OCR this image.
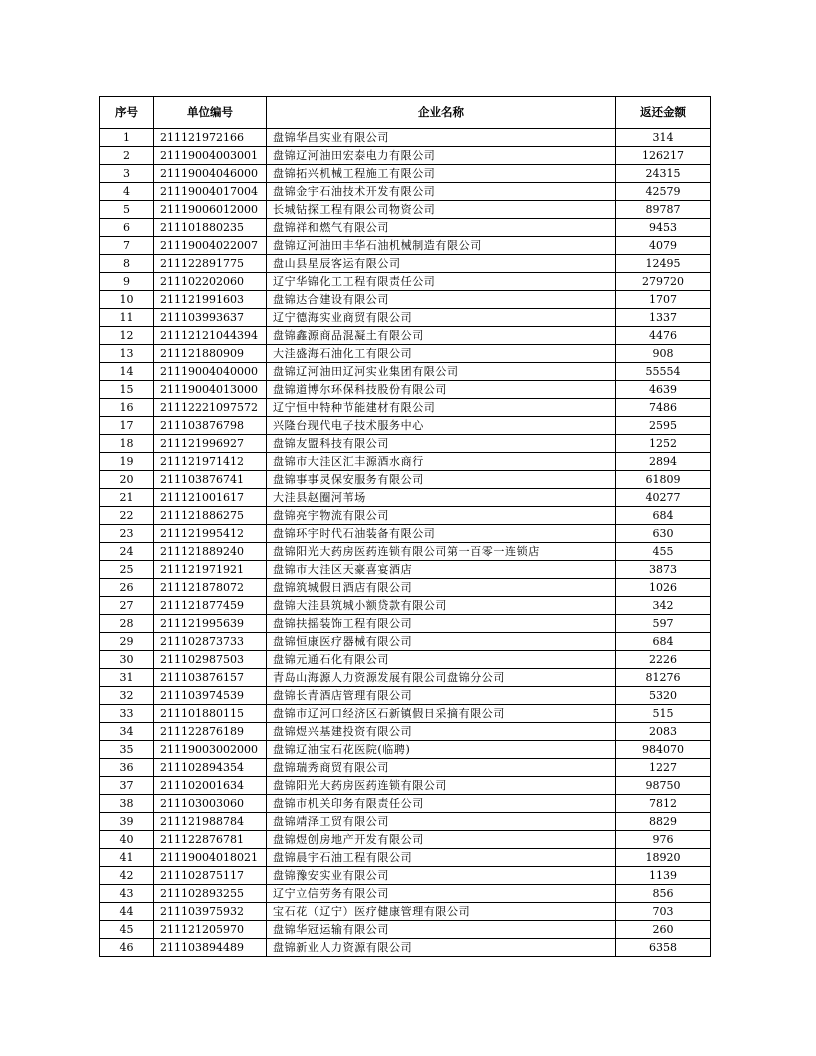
序号	单位编号	企业名称	返还金额
1	211121972166	盘锦华昌实业有限公司	314
2	21119004003001	盘锦辽河油田宏泰电力有限公司	126217
3	21119004046000	盘锦拓兴机械工程施工有限公司	24315
4	21119004017004	盘锦金宇石油技术开发有限公司	42579
5	21119006012000	长城钻探工程有限公司物资公司	89787
6	211101880235	盘锦祥和燃气有限公司	9453
7	21119004022007	盘锦辽河油田丰华石油机械制造有限公司	4079
8	211122891775	盘山县星辰客运有限公司	12495
9	211102202060	辽宁华锦化工工程有限责任公司	279720
10	211121991603	盘锦达合建设有限公司	1707
11	211103993637	辽宁德海实业商贸有限公司	1337
12	21112121044394	盘锦鑫源商品混凝土有限公司	4476
13	211121880909	大洼盛海石油化工有限公司	908
14	21119004040000	盘锦辽河油田辽河实业集团有限公司	55554
15	21119004013000	盘锦道博尔环保科技股份有限公司	4639
16	21112221097572	辽宁恒中特种节能建材有限公司	7486
17	211103876798	兴隆台现代电子技术服务中心	2595
18	211121996927	盘锦友盟科技有限公司	1252
19	211121971412	盘锦市大洼区汇丰源酒水商行	2894
20	211103876741	盘锦事事灵保安服务有限公司	61809
21	211121001617	大洼县赵圈河苇场	40277
22	211121886275	盘锦亮宇物流有限公司	684
23	211121995412	盘锦环宇时代石油装备有限公司	630
24	211121889240	盘锦阳光大药房医药连锁有限公司第一百零一连锁店	455
25	211121971921	盘锦市大洼区天豪喜宴酒店	3873
26	211121878072	盘锦筑城假日酒店有限公司	1026
27	211121877459	盘锦大洼县筑城小额贷款有限公司	342
28	211121995639	盘锦扶摇装饰工程有限公司	597
29	211102873733	盘锦恒康医疗器械有限公司	684
30	211102987503	盘锦元通石化有限公司	2226
31	211103876157	青岛山海源人力资源发展有限公司盘锦分公司	81276
32	211103974539	盘锦长青酒店管理有限公司	5320
33	211101880115	盘锦市辽河口经济区石新镇假日采摘有限公司	515
34	211122876189	盘锦煜兴基建投资有限公司	2083
35	21119003002000	盘锦辽油宝石花医院(临聘)	984070
36	211102894354	盘锦瑞秀商贸有限公司	1227
37	211102001634	盘锦阳光大药房医药连锁有限公司	98750
38	211103003060	盘锦市机关印务有限责任公司	7812
39	211121988784	盘锦靖泽工贸有限公司	8829
40	211122876781	盘锦煜创房地产开发有限公司	976
41	21119004018021	盘锦晨宇石油工程有限公司	18920
42	211102875117	盘锦豫安实业有限公司	1139
43	211102893255	辽宁立信劳务有限公司	856
44	211103975932	宝石花（辽宁）医疗健康管理有限公司	703
45	211121205970	盘锦华冠运输有限公司	260
46	211103894489	盘锦新业人力资源有限公司	6358
